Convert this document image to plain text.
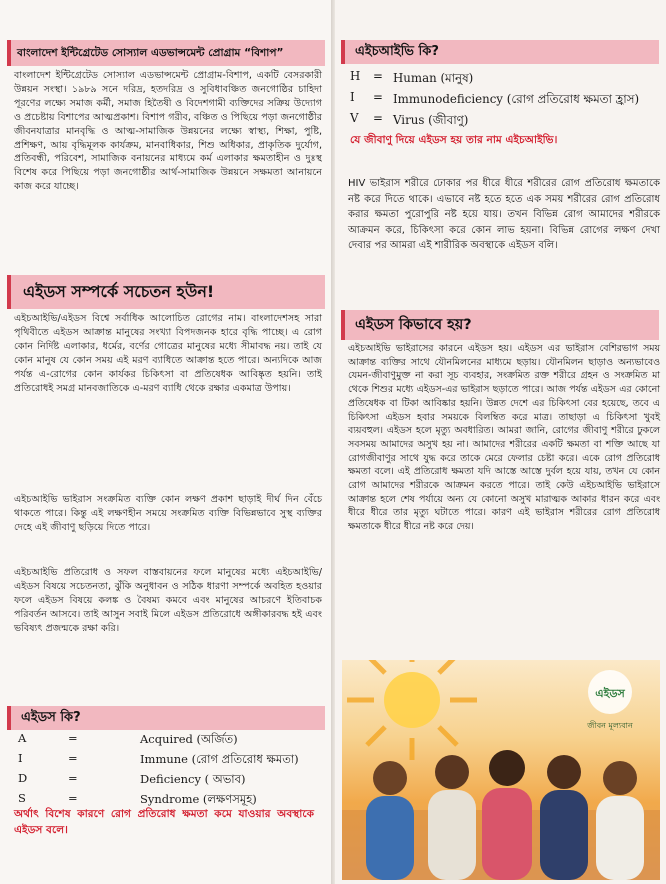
বাংলাদেশ ইন্টিগ্রেটেড সোস্যাল এডভান্সমেন্ট প্রোগ্রাম “বিশাপ”

বাংলাদেশ ইন্টিগ্রেটেড সোস্যাল এডভান্সমেন্ট প্রোগ্রাম-বিশাপ, একটি বেসরকারী উন্নয়ন সংস্থা। ১৯৮৯ সনে দরিদ্র, হতদরিদ্র ও সুবিধাবঞ্চিত জনগোষ্ঠির চাহিদা পূরণের লক্ষ্যে সমাজ কর্মী, সমাজ হিতৈষী ও বিদেশগামী ব্যক্তিদের সক্রিয় উদ্যোগ ও প্রচেষ্টায় বিশাপের আত্মপ্রকাশ। বিশাপ গরীব, বঞ্চিত ও পিছিয়ে পড়া জনগোষ্ঠীর জীবনযাত্রার মানবৃদ্ধি ও আত্ম-সামাজিক উন্নয়নের লক্ষ্যে স্বাস্থ্য, শিক্ষা, পুষ্টি, প্রশিক্ষণ, আয় বৃদ্ধিমূলক কার্যক্রম, মানবাধিকার, শিশু অধিকার, প্রাকৃতিক দুর্যোগ, প্রতিবন্ধী, পরিবেশ, সামাজিক বনায়নের মাধ্যমে কর্ম এলাকার ক্ষমতাহীন ও দুঃস্থ বিশেষ করে পিছিয়ে পড়া জনগোষ্ঠীর আর্থ-সামাজিক উন্নয়নে সক্ষমতা আনায়নে কাজ করে যাচ্ছে।

এইডস সম্পর্কে সচেতন হউন!

এইচআইভি/এইডস বিশ্বে সর্বাধিক আলোচিত রোগের নাম। বাংলাদেশসহ সারা পৃথিবীতে এইডস আক্রান্ত মানুষের সংখ্যা বিপদজনক হারে বৃদ্ধি পাচ্ছে। এ রোগ কোন নির্দিষ্ট এলাকার, ধর্মের, বর্ণের গোত্রের মানুষের মধ্যে সীমাবদ্ধ নয়। তাই যে কোন মানুষ যে কোন সময় এই মরণ ব্যাধিতে আক্রান্ত হতে পারে। অন্যদিকে আজ পর্যন্ত এ-রোগের কোন কার্যকর চিকিৎসা বা প্রতিষেধক আবিষ্কৃত হয়নি। তাই প্রতিরোধই সমগ্র মানবজাতিকে এ-মরণ ব্যাধি থেকে রক্ষার একমাত্র উপায়।

এইচআইভি ভাইরাস সংক্রমিত ব্যক্তি কোন লক্ষণ প্রকাশ ছাড়াই দীর্ঘ দিন বেঁচে থাকতে পারে। কিন্তু এই লক্ষণহীন সময়ে সংক্রমিত ব্যক্তি বিভিন্নভাবে সুস্থ ব্যক্তির দেহে এই জীবাণু ছড়িয়ে দিতে পারে।

এইচআইভি প্রতিরোধ ও সফল বাস্তবায়নের ফলে মানুষের মধ্যে এইচআইভি/এইডস বিষয়ে সচেতনতা, ঝুঁকি অনুধাবন ও সঠিক ধারণা সম্পর্কে অবহিত হওয়ার ফলে এইডস বিষয়ে কলঙ্ক ও বৈষম্য কমবে এবং মানুষের আচরণে ইতিবাচক পরিবর্তন আসবে। তাই আসুন সবাই মিলে এইডস প্রতিরোধে অঙ্গীকারবদ্ধ হই এবং ভবিষ্যৎ প্রজন্মকে রক্ষা করি।

এইডস কি?
A	=	Acquired (অর্জিত)
I	=	Immune (রোগ প্রতিরোধ ক্ষমতা)
D	=	Deficiency ( অভাব)
S	=	Syndrome (লক্ষণসমূহ)

অর্থাৎ বিশেষ কারণে রোগ প্রতিরোধ ক্ষমতা কমে যাওয়ার অবস্থাকে এইডস বলে।

এইচআইভি কি?
H	=	Human (মানুষ)
I	=	Immunodeficiency (রোগ প্রতিরোধ ক্ষমতা হ্রাস)
V	=	Virus (জীবাণু)

যে জীবাণু দিয়ে এইডস হয় তার নাম এইচআইভি।

HIV ভাইরাস শরীরে ঢোকার পর ধীরে ধীরে শরীরের রোগ প্রতিরোধ ক্ষমতাকে নষ্ট করে দিতে থাকে। এভাবে নষ্ট হতে হতে এক সময় শরীরের রোগ প্রতিরোধ করার ক্ষমতা পুরোপুরি নষ্ট হয়ে যায়। তখন বিভিন্ন রোগ আমাদের শরীরকে আক্রমন করে, চিকিৎসা করে কোন লাভ হয়না। বিভিন্ন রোগের লক্ষণ দেখা দেবার পর আমরা এই শারীরিক অবস্থাকে এইডস বলি।

এইডস কিভাবে হয়?

এইচআইভি ভাইরাসের কারনে এইডস হয়। এইডস এর ভাইরাস বেশিরভাগ সময় আক্রান্ত ব্যক্তির সাথে যৌনমিলনের মাধ্যমে ছড়ায়। যৌনমিলন ছাড়াও অন্যভাবেও যেমন-জীবাণুমুক্ত না করা সূচ ব্যবহার, সংক্রমিত রক্ত শরীরে গ্রহন ও সংক্রমিত মা থেকে শিশুর মধ্যে এইডস-এর ভাইরাস ছড়াতে পারে। আজ পর্যন্ত এইডস এর কোনো প্রতিষেধক বা টিকা আবিষ্কার হয়নি। উন্নত দেশে এর চিকিৎসা বের হয়েছে, তবে এ চিকিৎসা এইডস হবার সময়কে বিলম্বিত করে মাত্র। তাছাড়া এ চিকিৎসা খুবই ব্যয়বহুল। এইডস হলে মৃত্যু অবধারিত। আমরা জানি, রোগের জীবাণু শরীরে ঢুকলে সবসময় আমাদের অসুখ হয় না। আমাদের শরীরের একটি ক্ষমতা বা শক্তি আছে যা রোগজীবাণুর সাথে যুদ্ধ করে তাকে মেরে ফেলার চেষ্টা করে। একে রোগ প্রতিরোধ ক্ষমতা বলে। এই প্রতিরোধ ক্ষমতা যদি আস্তে আস্তে দুর্বল হয়ে যায়, তখন যে কোন রোগ আমাদের শরীরকে আক্রমন করতে পারে। তাই কেউ এইচআইভি ভাইরাসে আক্রান্ত হলে শেষ পর্যায়ে অন্য যে কোনো অসুখ মারাত্মক আকার ধারন করে এবং ধীরে ধীরে তার মৃত্যু ঘটাতে পারে। কারণ এই ভাইরাস শরীরের রোগ প্রতিরোধ ক্ষমতাকে ধীরে ধীরে নষ্ট করে দেয়।

এইডস
জীবন মূল্যবান
